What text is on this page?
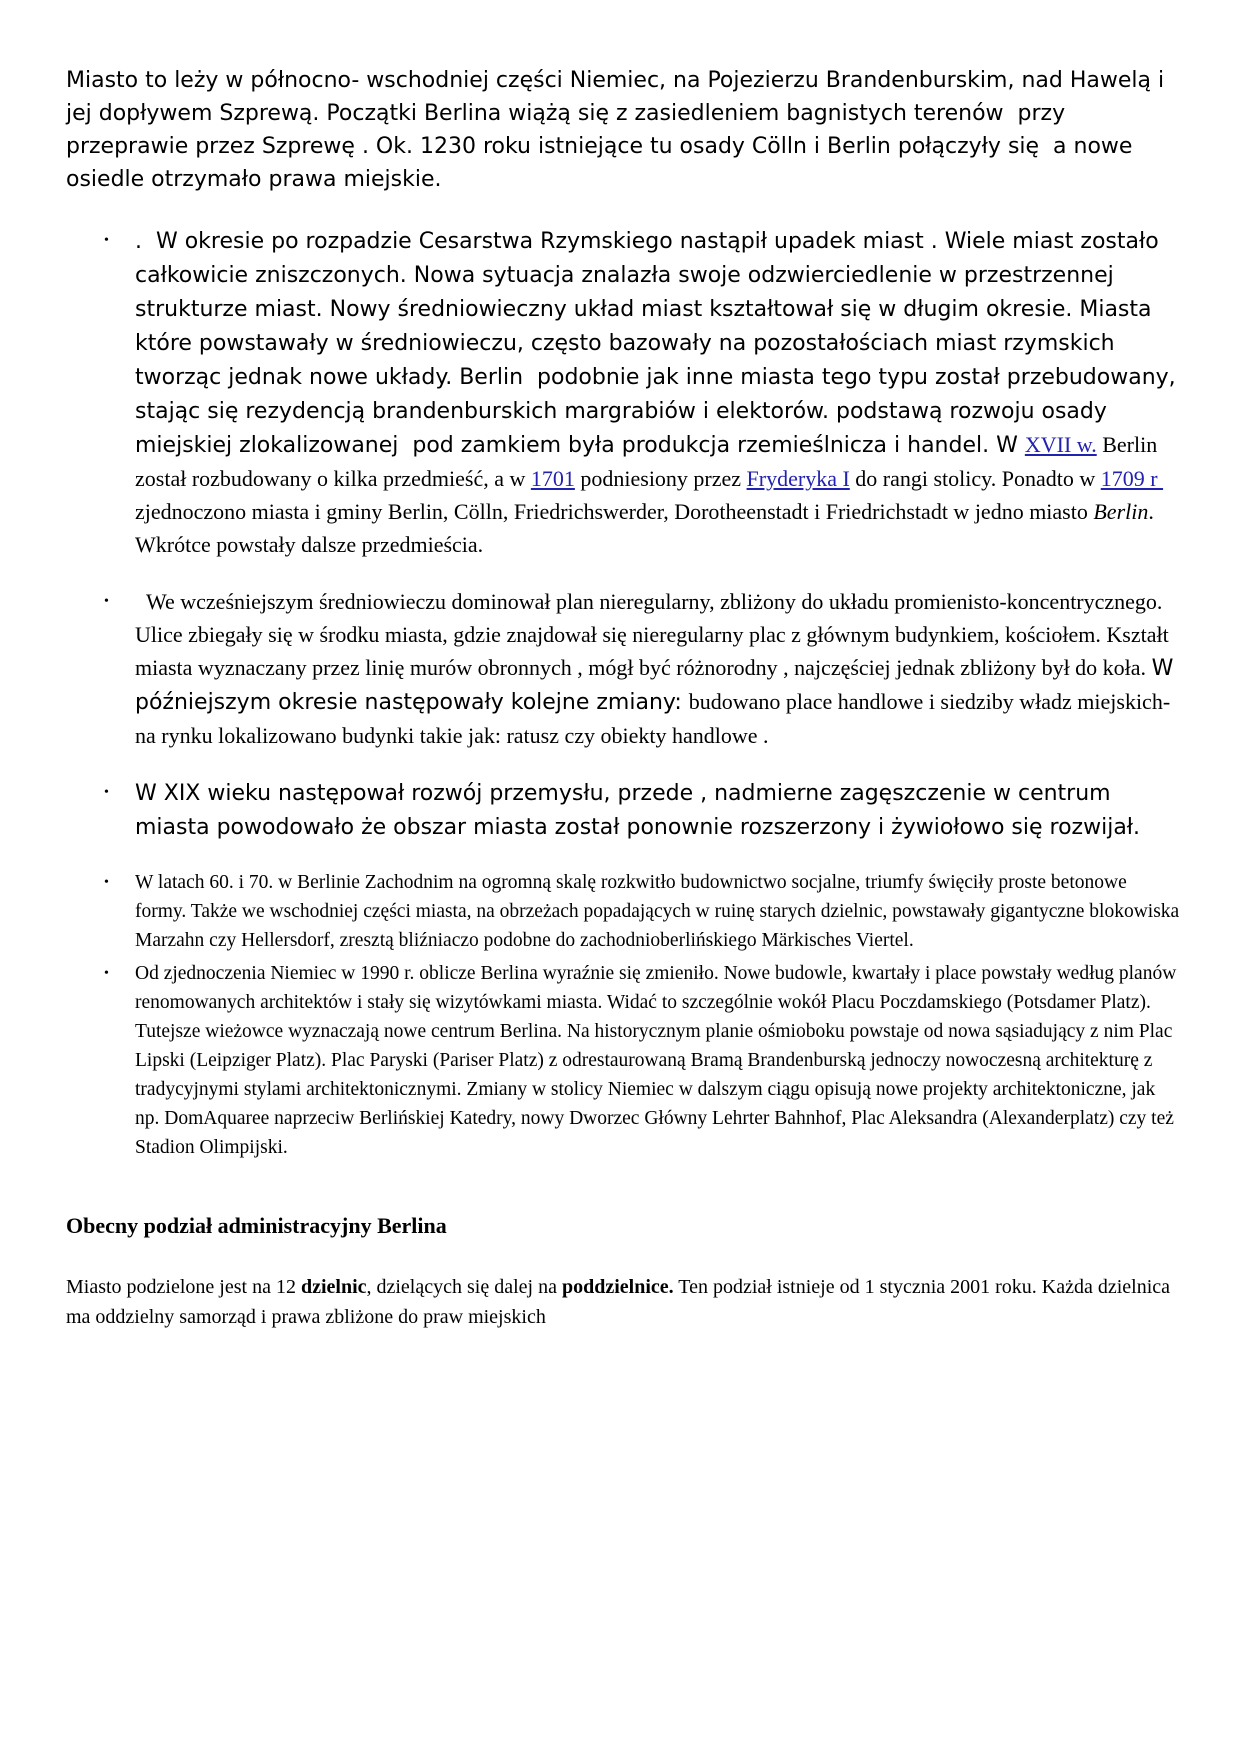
Miasto to leży w północno- wschodniej części Niemiec, na Pojezierzu Brandenburskim, nad Hawelą i jej dopływem Szprewą. Początki Berlina wiążą się z zasiedleniem bagnistych terenów  przy przeprawie przez Szprewę . Ok. 1230 roku istniejące tu osady Cölln i Berlin połączyły się  a nowe osiedle otrzymało prawa miejskie.

• .  W okresie po rozpadzie Cesarstwa Rzymskiego nastąpił upadek miast . Wiele miast zostało całkowicie zniszczonych. Nowa sytuacja znalazła swoje odzwierciedlenie w przestrzennej strukturze miast. Nowy średniowieczny układ miast kształtował się w długim okresie. Miasta  które powstawały w średniowieczu, często bazowały na pozostałościach miast rzymskich tworząc jednak nowe układy. Berlin  podobnie jak inne miasta tego typu został przebudowany, stając się rezydencją brandenburskich margrabiów i elektorów. podstawą rozwoju osady  miejskiej zlokalizowanej  pod zamkiem była produkcja rzemieślnicza i handel. W XVII w. Berlin został rozbudowany o kilka przedmieść, a w 1701 podniesiony przez Fryderyka I do rangi stolicy. Ponadto w 1709 r  zjednoczono miasta i gminy Berlin, Cölln, Friedrichswerder, Dorotheenstadt i Friedrichstadt w jedno miasto Berlin. Wkrótce powstały dalsze przedmieścia.
• We wcześniejszym średniowieczu dominował plan nieregularny, zbliżony do układu promienisto-koncentrycznego. Ulice zbiegały się w środku miasta, gdzie znajdował się nieregularny plac z głównym budynkiem, kościołem. Kształt miasta wyznaczany przez linię murów obronnych , mógł być różnorodny , najczęściej jednak zbliżony był do koła. W późniejszym okresie następowały kolejne zmiany: budowano place handlowe i siedziby władz miejskich-na rynku lokalizowano budynki takie jak: ratusz czy obiekty handlowe .
• W XIX wieku następował rozwój przemysłu, przede , nadmierne zagęszczenie w centrum miasta powodowało że obszar miasta został ponownie rozszerzony i żywiołowo się rozwijał.
• W latach 60. i 70. w Berlinie Zachodnim na ogromną skalę rozkwitło budownictwo socjalne, triumfy święciły proste betonowe formy. Także we wschodniej części miasta, na obrzeżach popadających w ruinę starych dzielnic, powstawały gigantyczne blokowiska Marzahn czy Hellersdorf, zresztą bliźniaczo podobne do zachodnioberlińskiego Märkisches Viertel.
• Od zjednoczenia Niemiec w 1990 r. oblicze Berlina wyraźnie się zmieniło. Nowe budowle, kwartały i place powstały według planów renomowanych architektów i stały się wizytówkami miasta. Widać to szczególnie wokół Placu Poczdamskiego (Potsdamer Platz). Tutejsze wieżowce wyznaczają nowe centrum Berlina. Na historycznym planie ośmioboku powstaje od nowa sąsiadujący z nim Plac Lipski (Leipziger Platz). Plac Paryski (Pariser Platz) z odrestaurowaną Bramą Brandenburską jednoczy nowoczesną architekturę z tradycyjnymi stylami architektonicznymi. Zmiany w stolicy Niemiec w dalszym ciągu opisują nowe projekty architektoniczne, jak np. DomAquaree naprzeciw Berlińskiej Katedry, nowy Dworzec Główny Lehrter Bahnhof, Plac Aleksandra (Alexanderplatz) czy też Stadion Olimpijski.
Obecny podział administracyjny Berlina

Miasto podzielone jest na 12 dzielnic, dzielących się dalej na poddzielnice. Ten podział istnieje od 1 stycznia 2001 roku. Każda dzielnica ma oddzielny samorząd i prawa zbliżone do praw miejskich
